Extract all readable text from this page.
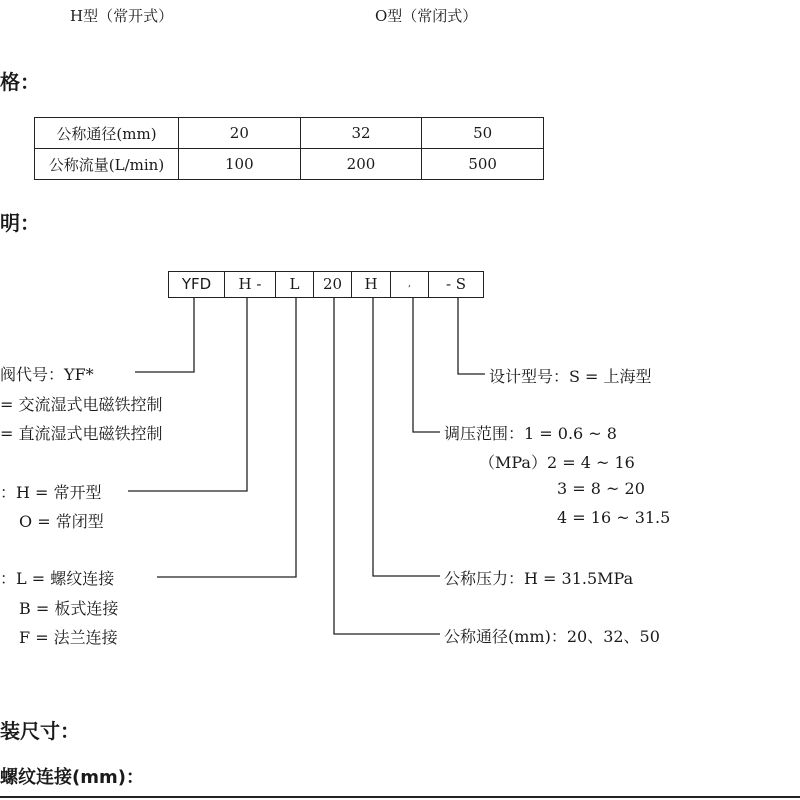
H型（常开式）	O型（常闭式）
格：
公称通径(mm)	20	32	50
公称流量(L/min)	100	200	500
明：
YFD	H -	L	20	H	,	- S
阀代号：YF*
= 交流湿式电磁铁控制
= 直流湿式电磁铁控制
：H = 常开型
O = 常闭型
：L = 螺纹连接
B = 板式连接
F = 法兰连接
设计型号：S = 上海型
调压范围：1 = 0.6 ~ 8
（MPa）2 = 4 ~ 16
3 = 8 ~ 20
4 = 16 ~ 31.5
公称压力：H = 31.5MPa
公称通径(mm)：20、32、50
装尺寸：
螺纹连接(mm)：
